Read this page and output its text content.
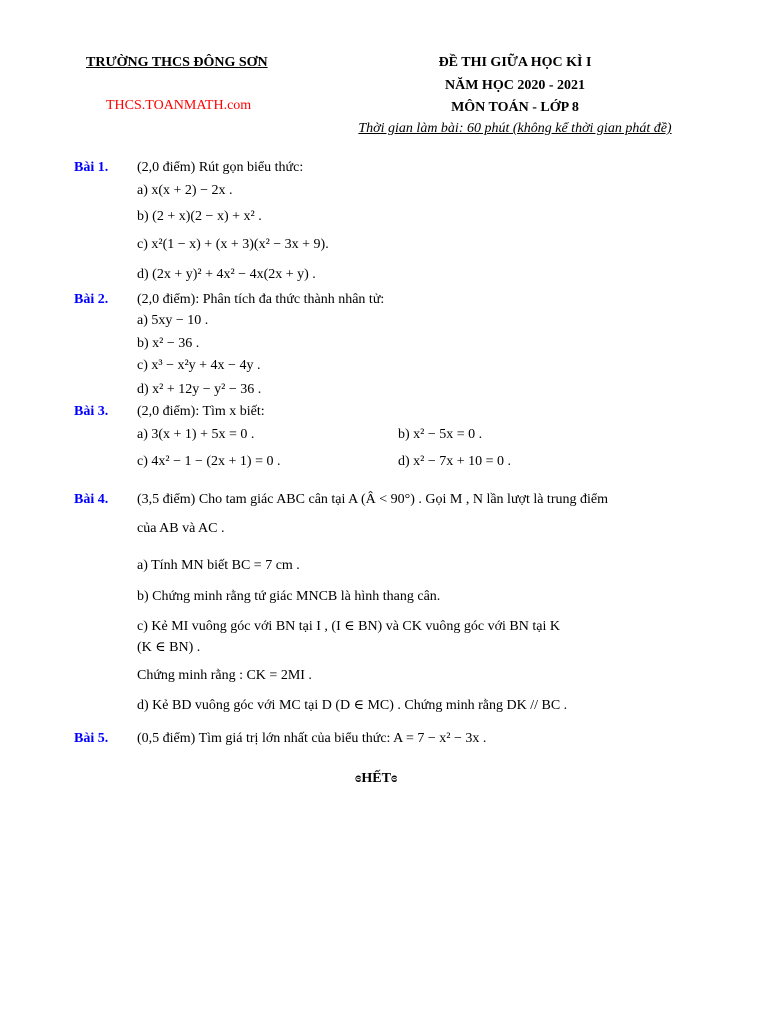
TRƯỜNG THCS ĐÔNG SƠN
THCS.TOANMATH.com
ĐỀ THI GIỮA HỌC KÌ I
NĂM HỌC 2020 - 2021
MÔN TOÁN - LỚP 8
Thời gian làm bài: 60 phút (không kể thời gian phát đề)
Bài 1. (2,0 điểm) Rút gọn biểu thức:
a) x(x + 2) − 2x .
b) (2 + x)(2 − x) + x² .
c) x²(1 − x) + (x + 3)(x² − 3x + 9).
d) (2x + y)² + 4x² − 4x(2x + y) .
Bài 2. (2,0 điểm): Phân tích đa thức thành nhân tử:
a) 5xy − 10 .
b) x² − 36 .
c) x³ − x²y + 4x − 4y .
d) x² + 12y − y² − 36 .
Bài 3. (2,0 điểm): Tìm x biết:
a) 3(x + 1) + 5x = 0 .	b) x² − 5x = 0 .
c) 4x² − 1 − (2x + 1) = 0 .	d) x² − 7x + 10 = 0 .
Bài 4. (3,5 điểm) Cho tam giác ABC cân tại A (Â < 90°) . Gọi M , N lần lượt là trung điểm
của AB và AC .
a) Tính MN biết BC = 7 cm .
b) Chứng minh rằng tứ giác MNCB là hình thang cân.
c) Kẻ MI vuông góc với BN tại I , (I ∈ BN) và CK vuông góc với BN tại K
(K ∈ BN) .
Chứng minh rằng : CK = 2MI .
d) Kẻ BD vuông góc với MC tại D (D ∈ MC) . Chứng minh rằng DK // BC .
Bài 5. (0,5 điểm) Tìm giá trị lớn nhất của biểu thức: A = 7 − x² − 3x .
ɞHẾTɞ
